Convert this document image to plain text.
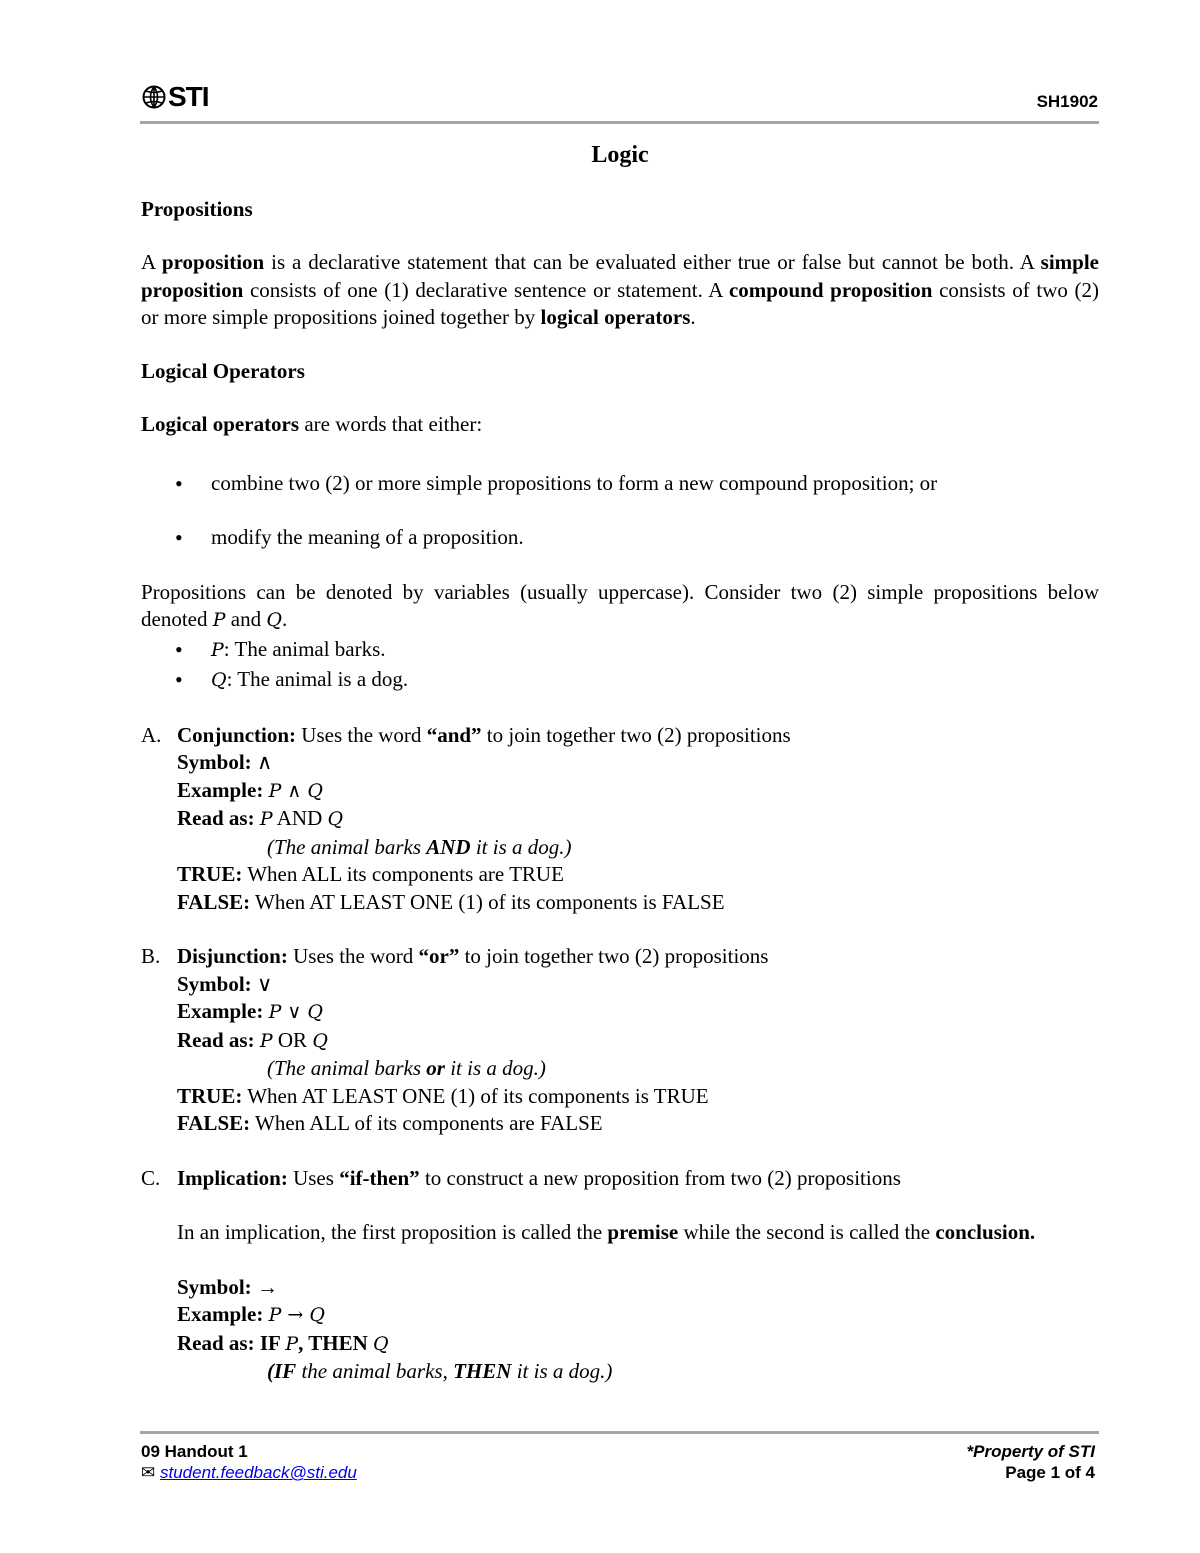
STI	SH1902
Logic
Propositions

A proposition is a declarative statement that can be evaluated either true or false but cannot be both. A simple proposition consists of one (1) declarative sentence or statement. A compound proposition consists of two (2) or more simple propositions joined together by logical operators.

Logical Operators

Logical operators are words that either:

• combine two (2) or more simple propositions to form a new compound proposition; or
• modify the meaning of a proposition.

Propositions can be denoted by variables (usually uppercase). Consider two (2) simple propositions below denoted P and Q.

• P: The animal barks.
• Q: The animal is a dog.
A. Conjunction: Uses the word “and” to join together two (2) propositions
Symbol: ∧
Example: P ∧ Q
Read as: P AND Q
(The animal barks AND it is a dog.)
TRUE: When ALL its components are TRUE
FALSE: When AT LEAST ONE (1) of its components is FALSE
B. Disjunction: Uses the word “or” to join together two (2) propositions
Symbol: ∨
Example: P ∨ Q
Read as: P OR Q
(The animal barks or it is a dog.)
TRUE: When AT LEAST ONE (1) of its components is TRUE
FALSE: When ALL of its components are FALSE
C. Implication: Uses “if-then” to construct a new proposition from two (2) propositions

In an implication, the first proposition is called the premise while the second is called the conclusion.

Symbol: →
Example: P → Q
Read as: IF P, THEN Q
(IF the animal barks, THEN it is a dog.)
09 Handout 1
✉ student.feedback@sti.edu
*Property of STI
Page 1 of 4
